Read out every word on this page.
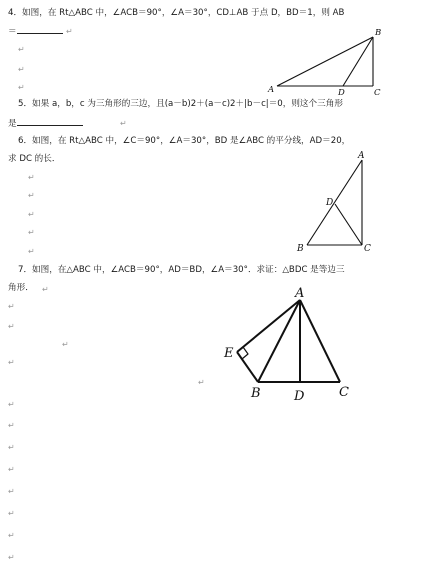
4．如图，在 Rt△ABC 中，∠ACB＝90°，∠A＝30°，CD⊥AB 于点 D，BD＝1，则 AB
＝	↵
↵
↵
↵	A
B
C
D
5．如果 a，b，c 为三角形的三边，且(a－b)2＋(a－c)2＋|b－c|＝0，则这个三角形
是	↵
6．如图，在 Rt△ABC 中，∠C＝90°，∠A＝30°，BD 是∠ABC 的平分线，AD＝20，
求 DC 的长．
↵
↵
↵
↵
↵
A
B	C
D
7．如图，在△ABC 中，∠ACB＝90°，AD＝BD，∠A＝30°．求证：△BDC 是等边三
角形． ↵
↵
↵
↵
↵
↵
↵
↵
↵
↵
↵
↵
↵
↵
A
B	C
D
E
